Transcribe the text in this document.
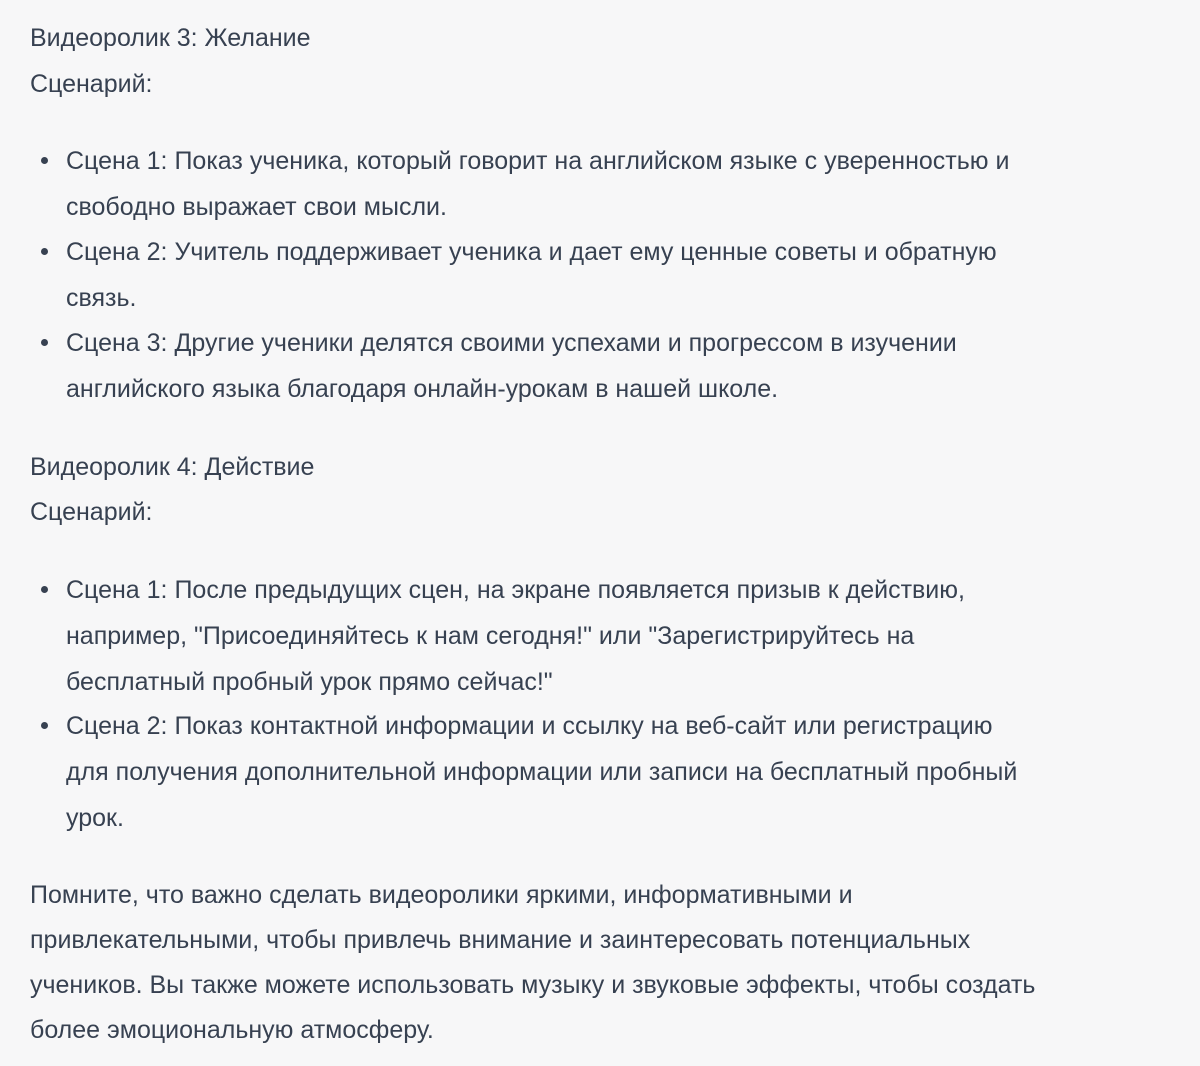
Видеоролик 3: Желание

Сценарий:

Сцена 1: Показ ученика, который говорит на английском языке с уверенностью и
свободно выражает свои мысли.
Сцена 2: Учитель поддерживает ученика и дает ему ценные советы и обратную
связь.
Сцена 3: Другие ученики делятся своими успехами и прогрессом в изучении
английского языка благодаря онлайн-урокам в нашей школе.

Видеоролик 4: Действие

Сценарий:

Сцена 1: После предыдущих сцен, на экране появляется призыв к действию,
например, "Присоединяйтесь к нам сегодня!" или "Зарегистрируйтесь на
бесплатный пробный урок прямо сейчас!"
Сцена 2: Показ контактной информации и ссылку на веб-сайт или регистрацию
для получения дополнительной информации или записи на бесплатный пробный
урок.
Помните, что важно сделать видеоролики яркими, информативными и
привлекательными, чтобы привлечь внимание и заинтересовать потенциальных
учеников. Вы также можете использовать музыку и звуковые эффекты, чтобы создать
более эмоциональную атмосферу.
